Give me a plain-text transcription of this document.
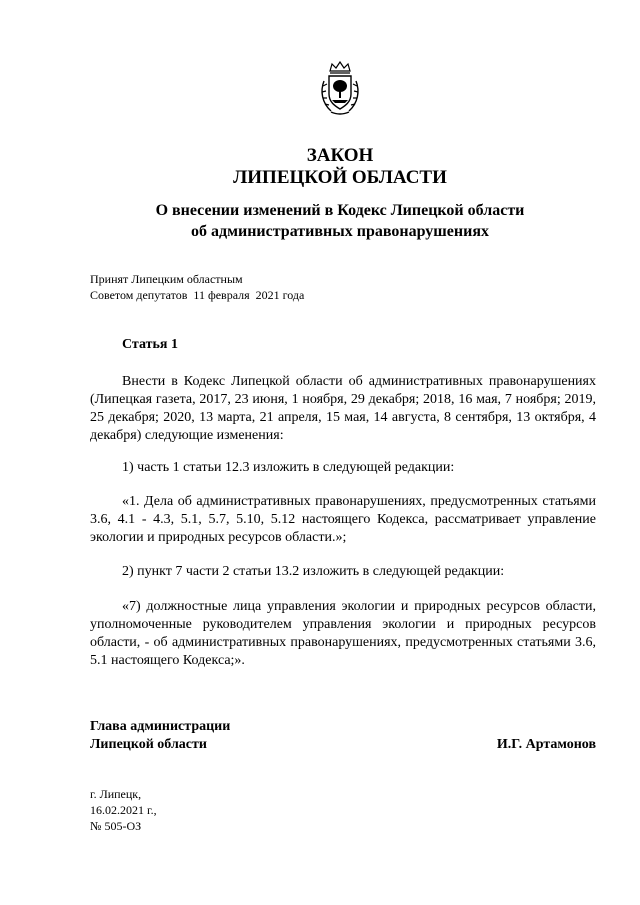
ЗАКОН
ЛИПЕЦКОЙ ОБЛАСТИ
О внесении изменений в Кодекс Липецкой области
об административных правонарушениях
Принят Липецким областным
Советом депутатов  11 февраля  2021 года
Статья 1

Внести в Кодекс Липецкой области об административных правонарушениях (Липецкая газета, 2017, 23 июня, 1 ноября, 29 декабря; 2018, 16 мая, 7 ноября; 2019, 25 декабря; 2020, 13 марта, 21 апреля, 15 мая, 14 августа, 8 сентября, 13 октября, 4 декабря) следующие изменения:

1) часть 1 статьи 12.3 изложить в следующей редакции:

«1. Дела об административных правонарушениях, предусмотренных статьями 3.6, 4.1 - 4.3, 5.1, 5.7, 5.10, 5.12 настоящего Кодекса, рассматривает управление экологии и природных ресурсов области.»;

2) пункт 7 части 2 статьи 13.2 изложить в следующей редакции:

«7) должностные лица управления экологии и природных ресурсов области, уполномоченные руководителем управления экологии и природных ресурсов области, - об административных правонарушениях, предусмотренных статьями 3.6, 5.1 настоящего Кодекса;».

Глава администрации
Липецкой области	И.Г. Артамонов
г. Липецк,
16.02.2021 г.,
№ 505-ОЗ
